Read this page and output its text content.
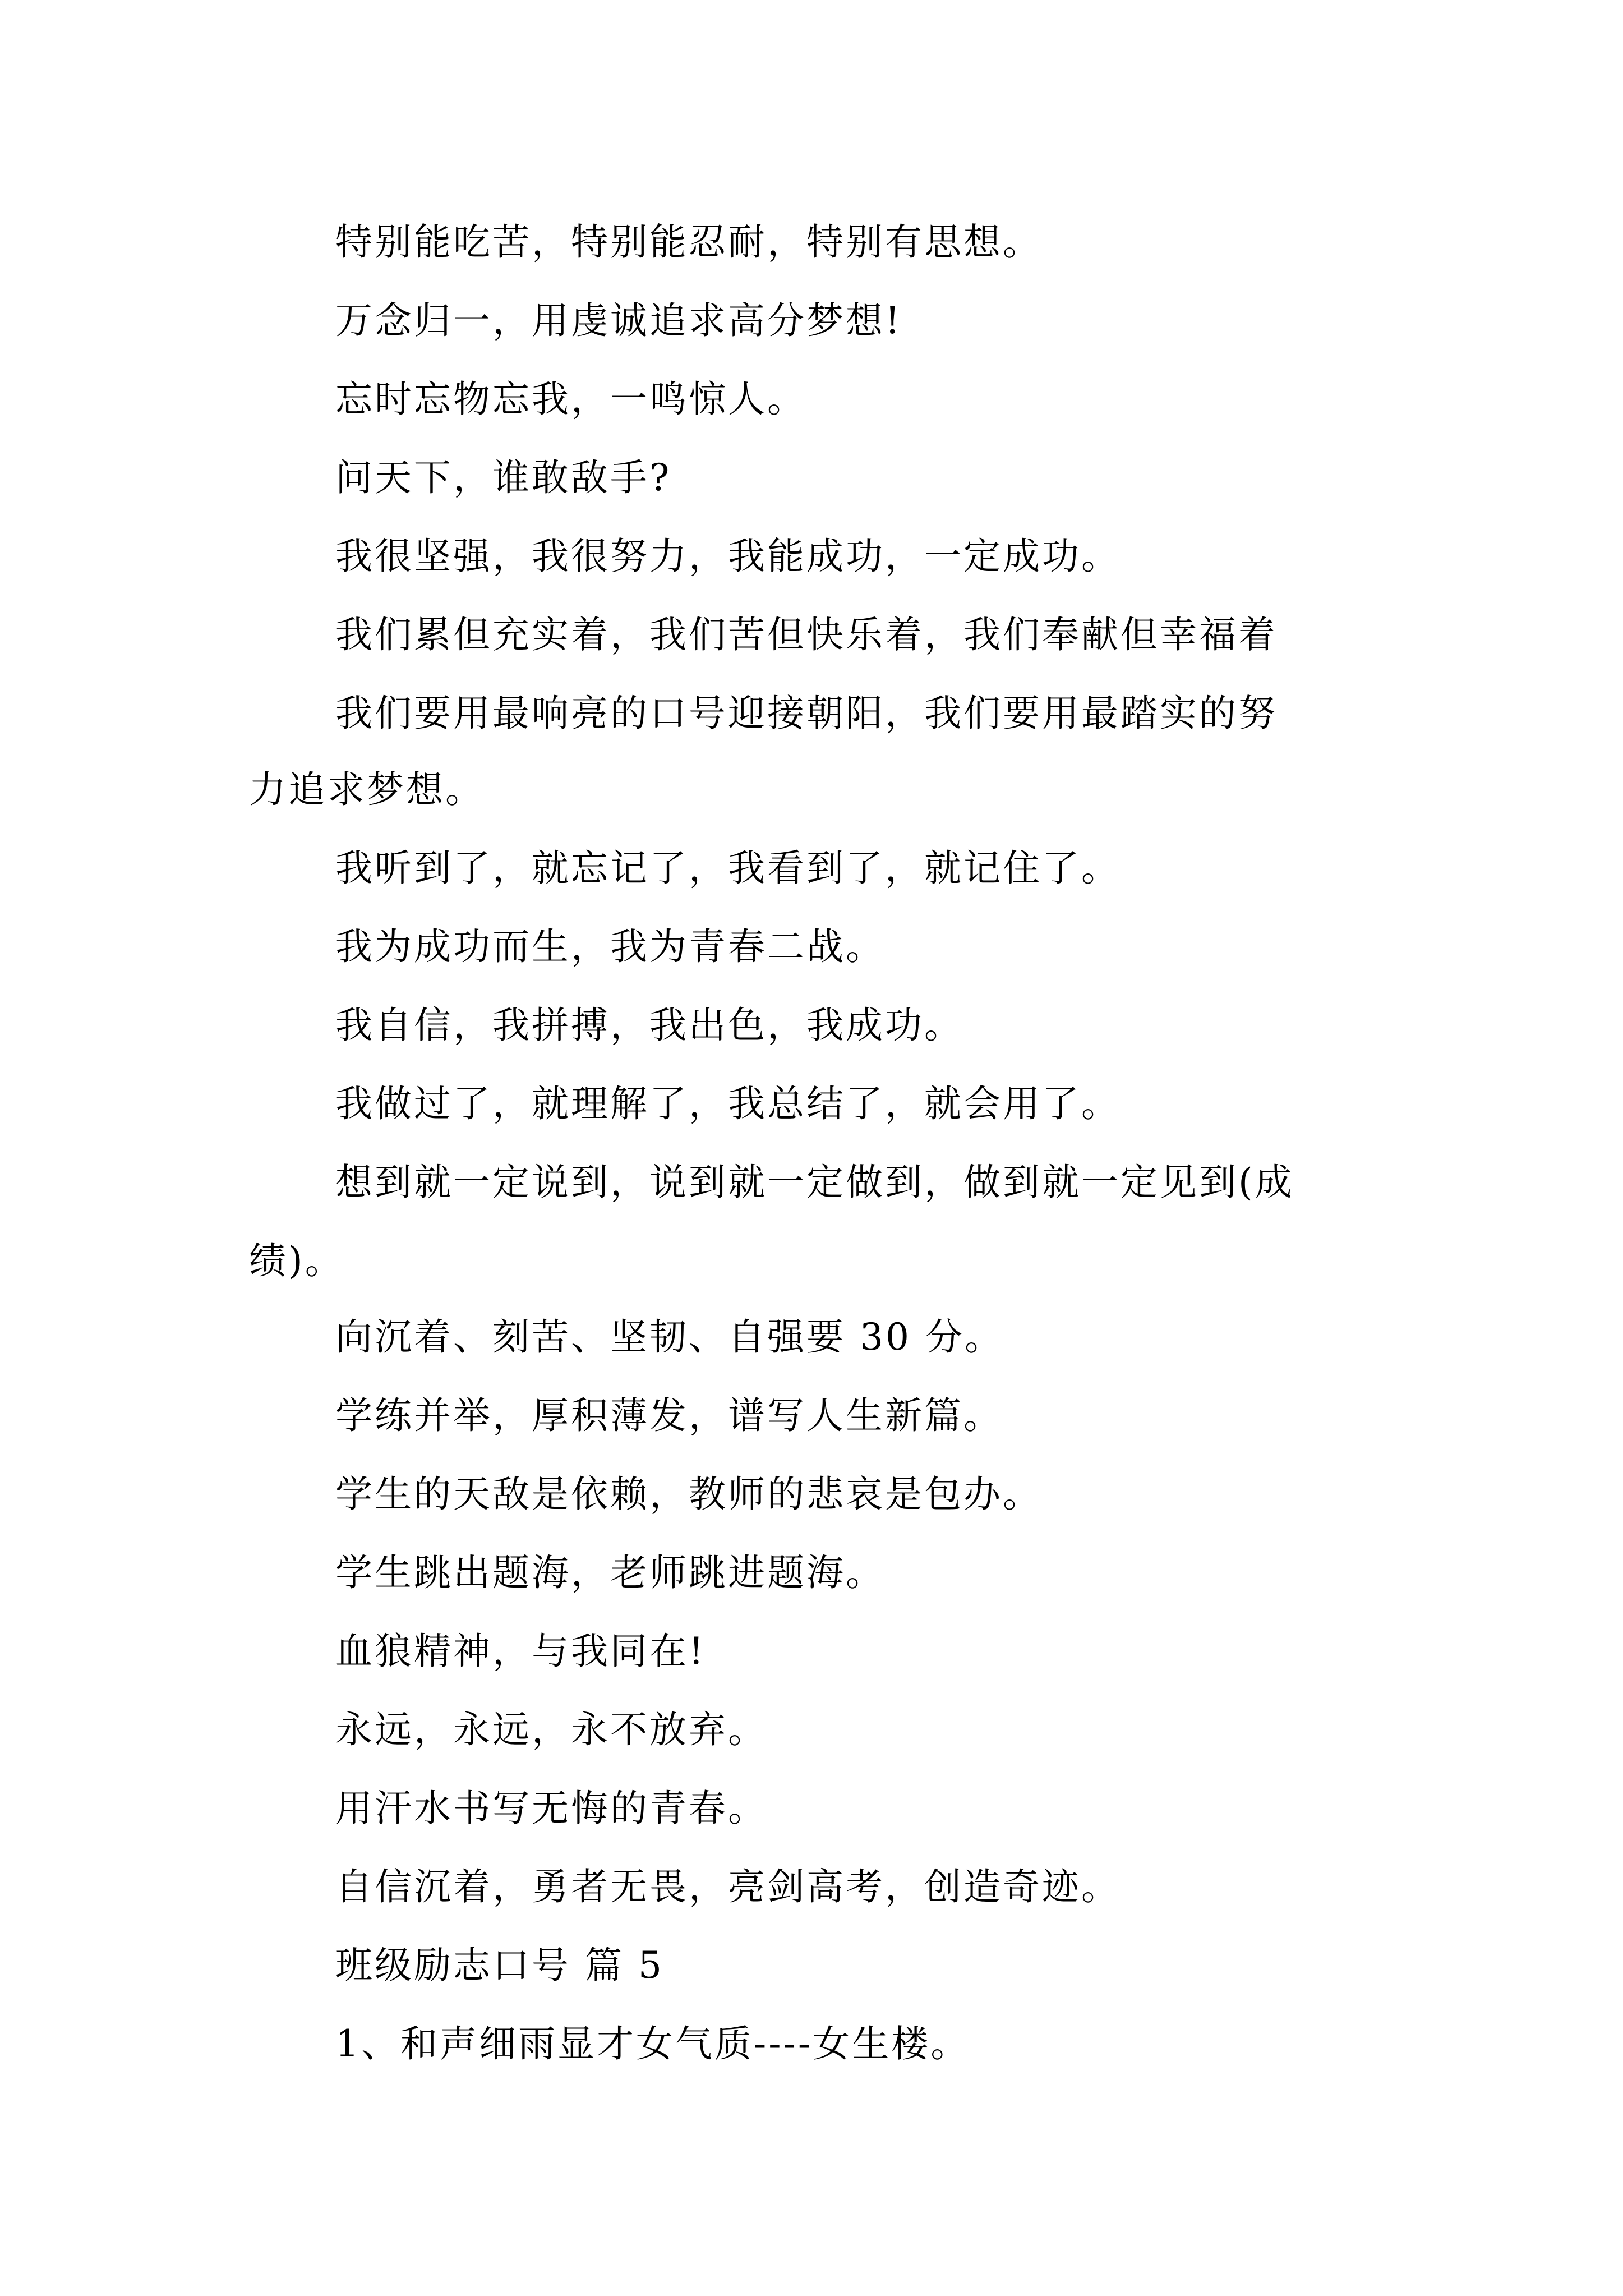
特别能吃苦，特别能忍耐，特别有思想。

万念归一，用虔诚追求高分梦想!

忘时忘物忘我，一鸣惊人。

问天下，谁敢敌手?

我很坚强，我很努力，我能成功，一定成功。

我们累但充实着，我们苦但快乐着，我们奉献但幸福着

我们要用最响亮的口号迎接朝阳，我们要用最踏实的努

力追求梦想。

我听到了，就忘记了，我看到了，就记住了。

我为成功而生，我为青春二战。

我自信，我拼搏，我出色，我成功。

我做过了，就理解了，我总结了，就会用了。

想到就一定说到，说到就一定做到，做到就一定见到(成

绩)。

向沉着、刻苦、坚韧、自强要 30 分。

学练并举，厚积薄发，谱写人生新篇。

学生的天敌是依赖，教师的悲哀是包办。

学生跳出题海，老师跳进题海。

血狼精神，与我同在!

永远，永远，永不放弃。

用汗水书写无悔的青春。

自信沉着，勇者无畏，亮剑高考，创造奇迹。

班级励志口号 篇 5

1、和声细雨显才女气质----女生楼。
